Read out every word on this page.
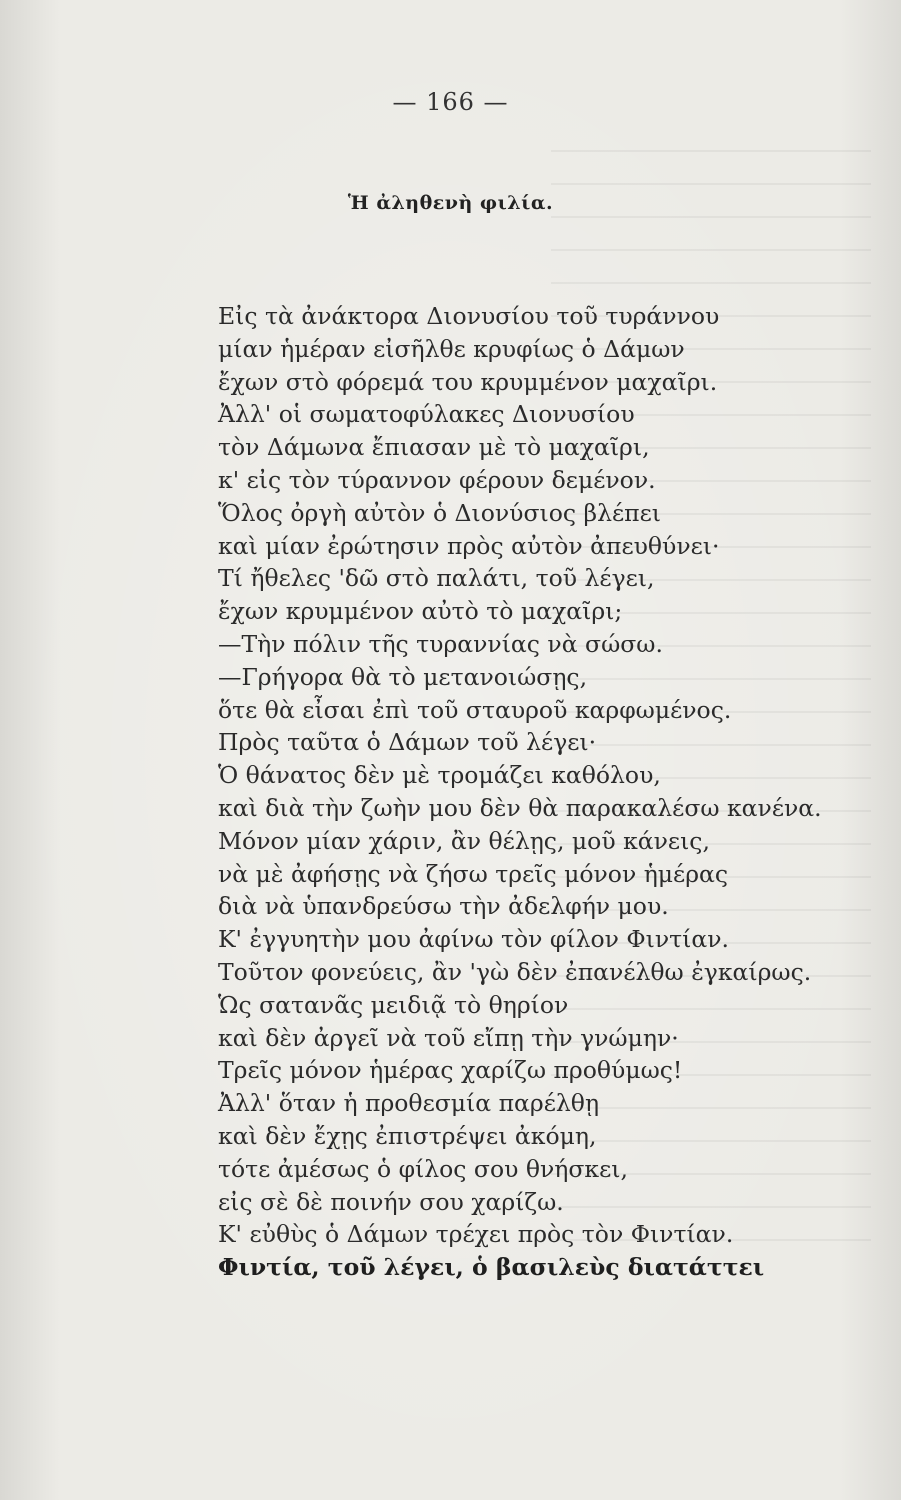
— 166 —
Ἡ ἀληθενὴ φιλία.
Εἰς τὰ ἀνάκτορα Διονυσίου τοῦ τυράννου
μίαν ἡμέραν εἰσῆλθε κρυφίως ὁ Δάμων
ἔχων στὸ φόρεμά του κρυμμένον μαχαῖρι.
Ἀλλ' οἱ σωματοφύλακες Διονυσίου
τὸν Δάμωνα ἔπιασαν μὲ τὸ μαχαῖρι,
κ' εἰς τὸν τύραννον φέρουν δεμένον.
Ὅλος ὀργὴ αὐτὸν ὁ Διονύσιος βλέπει
καὶ μίαν ἐρώτησιν πρὸς αὐτὸν ἀπευθύνει·
Τί ἤθελες 'δῶ στὸ παλάτι, τοῦ λέγει,
ἔχων κρυμμένον αὐτὸ τὸ μαχαῖρι;
—Τὴν πόλιν τῆς τυραννίας νὰ σώσω.
—Γρήγορα θὰ τὸ μετανοιώσῃς,
ὅτε θὰ εἶσαι ἐπὶ τοῦ σταυροῦ καρφωμένος.
Πρὸς ταῦτα ὁ Δάμων τοῦ λέγει·
Ὁ θάνατος δὲν μὲ τρομάζει καθόλου,
καὶ διὰ τὴν ζωὴν μου δὲν θὰ παρακαλέσω κανένα.
Μόνον μίαν χάριν, ἂν θέλῃς, μοῦ κάνεις,
νὰ μὲ ἀφήσῃς νὰ ζήσω τρεῖς μόνον ἡμέρας
διὰ νὰ ὑπανδρεύσω τὴν ἀδελφήν μου.
Κ' ἐγγυητὴν μου ἀφίνω τὸν φίλον Φιντίαν.
Τοῦτον φονεύεις, ἂν 'γὼ δὲν ἐπανέλθω ἐγκαίρως.
Ὡς σατανᾶς μειδιᾷ τὸ θηρίον
καὶ δὲν ἀργεῖ νὰ τοῦ εἴπῃ τὴν γνώμην·
Τρεῖς μόνον ἡμέρας χαρίζω προθύμως!
Ἀλλ' ὅταν ἡ προθεσμία παρέλθῃ
καὶ δὲν ἔχῃς ἐπιστρέψει ἀκόμη,
τότε ἀμέσως ὁ φίλος σου θνήσκει,
εἰς σὲ δὲ ποινήν σου χαρίζω.
Κ' εὐθὺς ὁ Δάμων τρέχει πρὸς τὸν Φιντίαν.
Φιντία, τοῦ λέγει, ὁ βασιλεὺς διατάττει
